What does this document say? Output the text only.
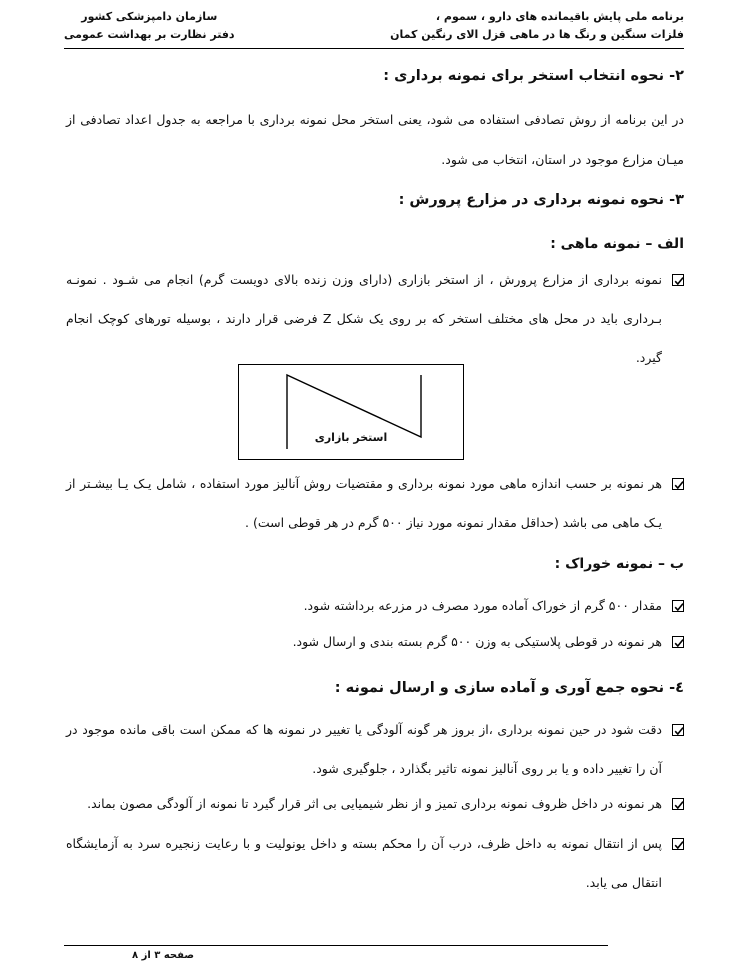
برنامه ملی پایش باقیمانده های دارو ، سموم ،
فلزات سنگین و رنگ ها در ماهی قزل الای رنگین کمان
سازمان دامپزشکی کشور
دفتر نظارت بر بهداشت عمومی
۲- نحوه انتخاب استخر برای نمونه برداری :
در این برنامه از روش تصادفی استفاده می شود، یعنی استخر محل نمونه برداری با مراجعه به جدول اعداد تصادفی از میـان مزارع موجود در استان، انتخاب می شود.
۳- نحوه نمونه برداری در مزارع پرورش :
الف – نمونه ماهی :
نمونه برداری از مزارع پرورش ، از استخر بازاری (دارای وزن زنده بالای دویست گرم) انجام می شـود . نمونـه بـرداری باید در محل های مختلف استخر که بر روی یک شکل Z فرضی قرار دارند ، بوسیله تورهای کوچک انجام گیرد.
استخر بازاری
هر نمونه بر حسب اندازه ماهی مورد نمونه برداری و مقتضیات روش آنالیز مورد استفاده ، شامل یـک یـا بیشـتر از یـک ماهی می باشد (حداقل مقدار نمونه مورد نیاز ۵۰۰ گرم در هر قوطی است) .
ب – نمونه خوراک :
مقدار ۵۰۰ گرم از خوراک آماده مورد مصرف در مزرعه برداشته شود.
هر نمونه در قوطی پلاستیکی به وزن ۵۰۰ گرم بسته بندی و ارسال شود.
٤- نحوه جمع آوری و آماده سازی و ارسال نمونه :
دقت شود در حین نمونه برداری ،از بروز هر گونه آلودگی یا تغییر در نمونه ها که ممکن است باقی مانده موجود در آن را تغییر داده و یا بر روی آنالیز نمونه تاثیر بگذارد ، جلوگیری شود.
هر نمونه در داخل ظروف نمونه برداری تمیز و از نظر شیمیایی بی اثر قرار گیرد تا نمونه از آلودگی مصون بماند.
پس از انتقال نمونه به داخل ظرف، درب آن را محکم بسته و داخل یونولیت و با رعایت زنجیره سرد به آزمایشگاه انتقال می یابد.
صفحه ۳ از ۸
